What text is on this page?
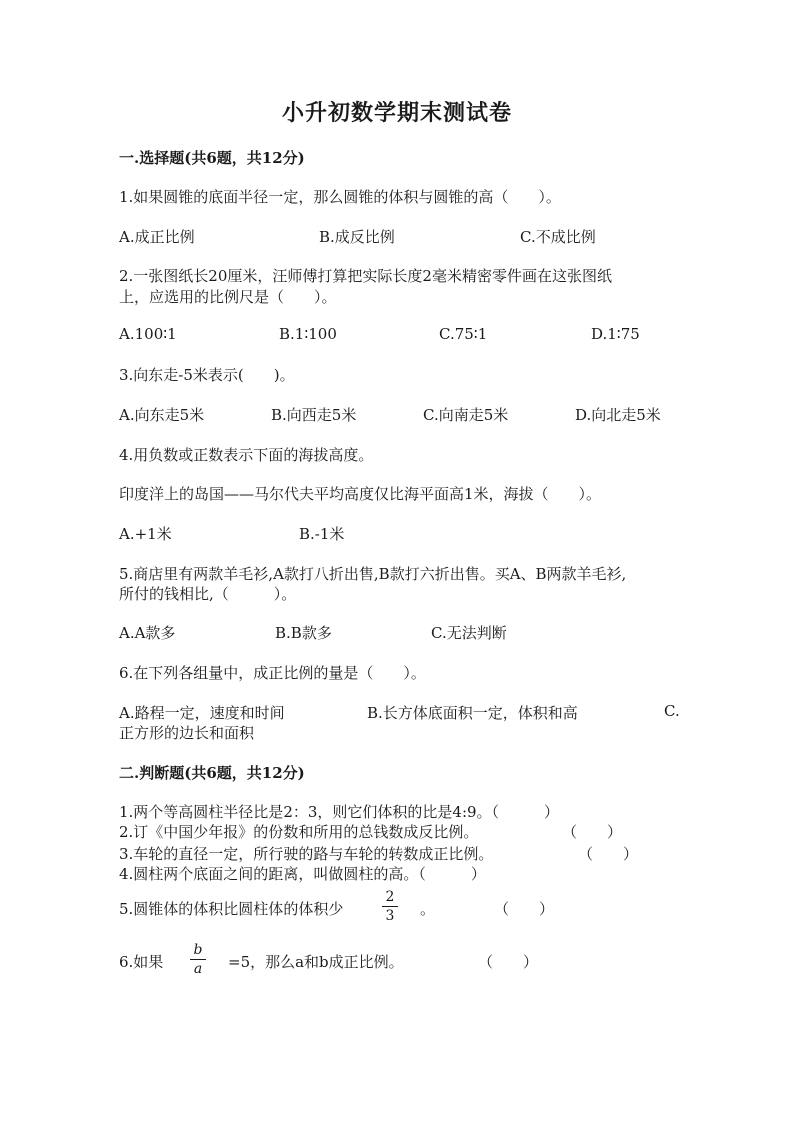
小升初数学期末测试卷
一.选择题(共6题，共12分)
1.如果圆锥的底面半径一定，那么圆锥的体积与圆锥的高（　　）。
A.成正比例	B.成反比例	C.不成比例
2.一张图纸长20厘米，汪师傅打算把实际长度2毫米精密零件画在这张图纸
上，应选用的比例尺是（　　）。
A.100∶1	B.1∶100	C.75∶1	D.1∶75
3.向东走-5米表示(　　)。
A.向东走5米	B.向西走5米	C.向南走5米	D.向北走5米
4.用负数或正数表示下面的海拔高度。
印度洋上的岛国——马尔代夫平均高度仅比海平面高1米，海拔（　　）。
A.+1米	B.-1米
5.商店里有两款羊毛衫,A款打八折出售,B款打六折出售。买A、B两款羊毛衫,
所付的钱相比,（　　　）。
A.A款多	B.B款多	C.无法判断
6.在下列各组量中，成正比例的量是（　　）。
A.路程一定，速度和时间	B.长方体底面积一定，体积和高	C.
正方形的边长和面积
二.判断题(共6题，共12分)
1.两个等高圆柱半径比是2：3，则它们体积的比是4:9。（　　　）
2.订《中国少年报》的份数和所用的总钱数成反比例。	（　　）
3.车轮的直径一定，所行驶的路与车轮的转数成正比例。	（　　）
4.圆柱两个底面之间的距离，叫做圆柱的高。（　　　）
5.圆锥体的体积比圆柱体的体积少	$\frac{2}{3}$ 。	（　　）
6.如果 $\frac{b}{a} =5$，那么a和b成正比例。	（　　）
